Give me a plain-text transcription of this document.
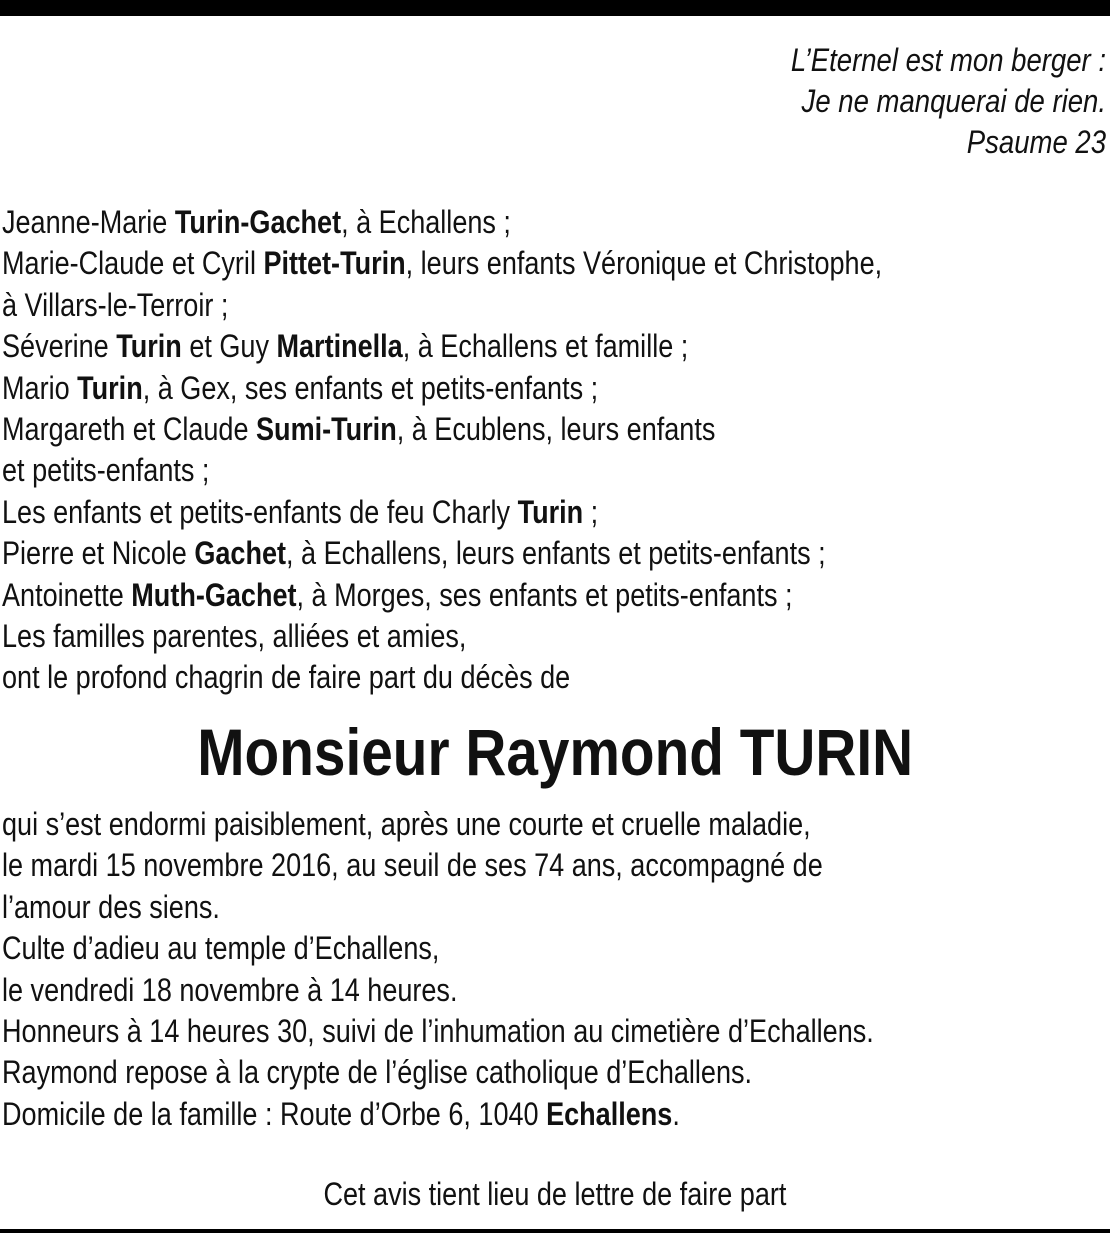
L’Eternel est mon berger :
Je ne manquerai de rien.
Psaume 23
Jeanne-Marie Turin-Gachet, à Echallens ;
Marie-Claude et Cyril Pittet-Turin, leurs enfants Véronique et Christophe,
à Villars-le-Terroir ;
Séverine Turin et Guy Martinella, à Echallens et famille ;
Mario Turin, à Gex, ses enfants et petits-enfants ;
Margareth et Claude Sumi-Turin, à Ecublens, leurs enfants
et petits-enfants ;
Les enfants et petits-enfants de feu Charly Turin ;
Pierre et Nicole Gachet, à Echallens, leurs enfants et petits-enfants ;
Antoinette Muth-Gachet, à Morges, ses enfants et petits-enfants ;
Les familles parentes, alliées et amies,
ont le profond chagrin de faire part du décès de
Monsieur Raymond TURIN
qui s’est endormi paisiblement, après une courte et cruelle maladie,
le mardi 15 novembre 2016, au seuil de ses 74 ans, accompagné de
l’amour des siens.
Culte d’adieu au temple d’Echallens,
le vendredi 18 novembre à 14 heures.
Honneurs à 14 heures 30, suivi de l’inhumation au cimetière d’Echallens.
Raymond repose à la crypte de l’église catholique d’Echallens.
Domicile de la famille : Route d’Orbe 6, 1040 Echallens.
Cet avis tient lieu de lettre de faire part
